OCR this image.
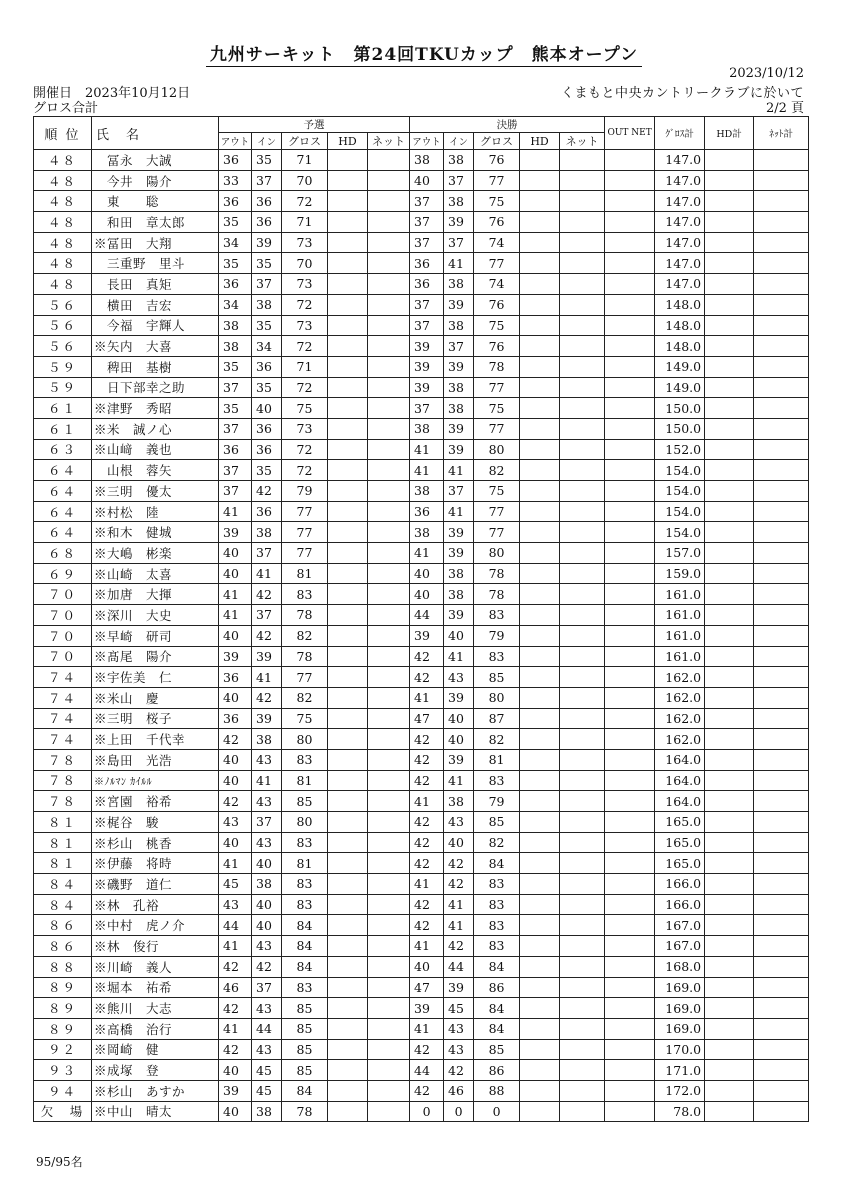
九州サーキット　第24回TKUカップ　熊本オープン
2023/10/12
開催日　2023年10月12日	くまもと中央カントリークラブに於いて
グロス合計	2/2 頁
順 位	氏　名	予選					決勝					OUT NET	ｸﾞﾛｽ計	HD計	ﾈｯﾄ計
		アウト	イン	グロス	HD	ネット	アウト	イン	グロス	HD	ネット				
４８	　冨永　大誠	36	35	71			38	38	76				147.0		
４８	　今井　陽介	33	37	70			40	37	77				147.0		
４８	　東　　聡	36	36	72			37	38	75				147.0		
４８	　和田　章太郎	35	36	71			37	39	76				147.0		
４８	※冨田　大翔	34	39	73			37	37	74				147.0		
４８	　三重野　里斗	35	35	70			36	41	77				147.0		
４８	　長田　真矩	36	37	73			36	38	74				147.0		
５６	　横田　吉宏	34	38	72			37	39	76				148.0		
５６	　今福　宇輝人	38	35	73			37	38	75				148.0		
５６	※矢内　大喜	38	34	72			39	37	76				148.0		
５９	　稗田　基樹	35	36	71			39	39	78				149.0		
５９	　日下部幸之助	37	35	72			39	38	77				149.0		
６１	※津野　秀昭	35	40	75			37	38	75				150.0		
６１	※米　誠ノ心	37	36	73			38	39	77				150.0		
６３	※山﨑　義也	36	36	72			41	39	80				152.0		
６４	　山根　蓉矢	37	35	72			41	41	82				154.0		
６４	※三明　優太	37	42	79			38	37	75				154.0		
６４	※村松　陸	41	36	77			36	41	77				154.0		
６４	※和木　健城	39	38	77			38	39	77				154.0		
６８	※大嶋　彬楽	40	37	77			41	39	80				157.0		
６９	※山崎　太喜	40	41	81			40	38	78				159.0		
７０	※加唐　大揮	41	42	83			40	38	78				161.0		
７０	※深川　大史	41	37	78			44	39	83				161.0		
７０	※早崎　研司	40	42	82			39	40	79				161.0		
７０	※髙尾　陽介	39	39	78			42	41	83				161.0		
７４	※宇佐美　仁	36	41	77			42	43	85				162.0		
７４	※米山　慶	40	42	82			41	39	80				162.0		
７４	※三明　桜子	36	39	75			47	40	87				162.0		
７４	※上田　千代幸	42	38	80			42	40	82				162.0		
７８	※島田　光浩	40	43	83			42	39	81				164.0		
７８	※ﾉﾙﾏﾝ ｶｲﾙﾙ	40	41	81			42	41	83				164.0		
７８	※宮園　裕希	42	43	85			41	38	79				164.0		
８１	※梶谷　駿	43	37	80			42	43	85				165.0		
８１	※杉山　桃香	40	43	83			42	40	82				165.0		
８１	※伊藤　将時	41	40	81			42	42	84				165.0		
８４	※磯野　道仁	45	38	83			41	42	83				166.0		
８４	※林　孔裕	43	40	83			42	41	83				166.0		
８６	※中村　虎ノ介	44	40	84			42	41	83				167.0		
８６	※林　俊行	41	43	84			41	42	83				167.0		
８８	※川崎　義人	42	42	84			40	44	84				168.0		
８９	※堀本　祐希	46	37	83			47	39	86				169.0		
８９	※熊川　大志	42	43	85			39	45	84				169.0		
８９	※高橋　治行	41	44	85			41	43	84				169.0		
９２	※岡崎　健	42	43	85			42	43	85				170.0		
９３	※成塚　登	40	45	85			44	42	86				171.0		
９４	※杉山　あすか	39	45	84			42	46	88				172.0		
欠　場	※中山　晴太	40	38	78			0	0	0				78.0		
95/95名
